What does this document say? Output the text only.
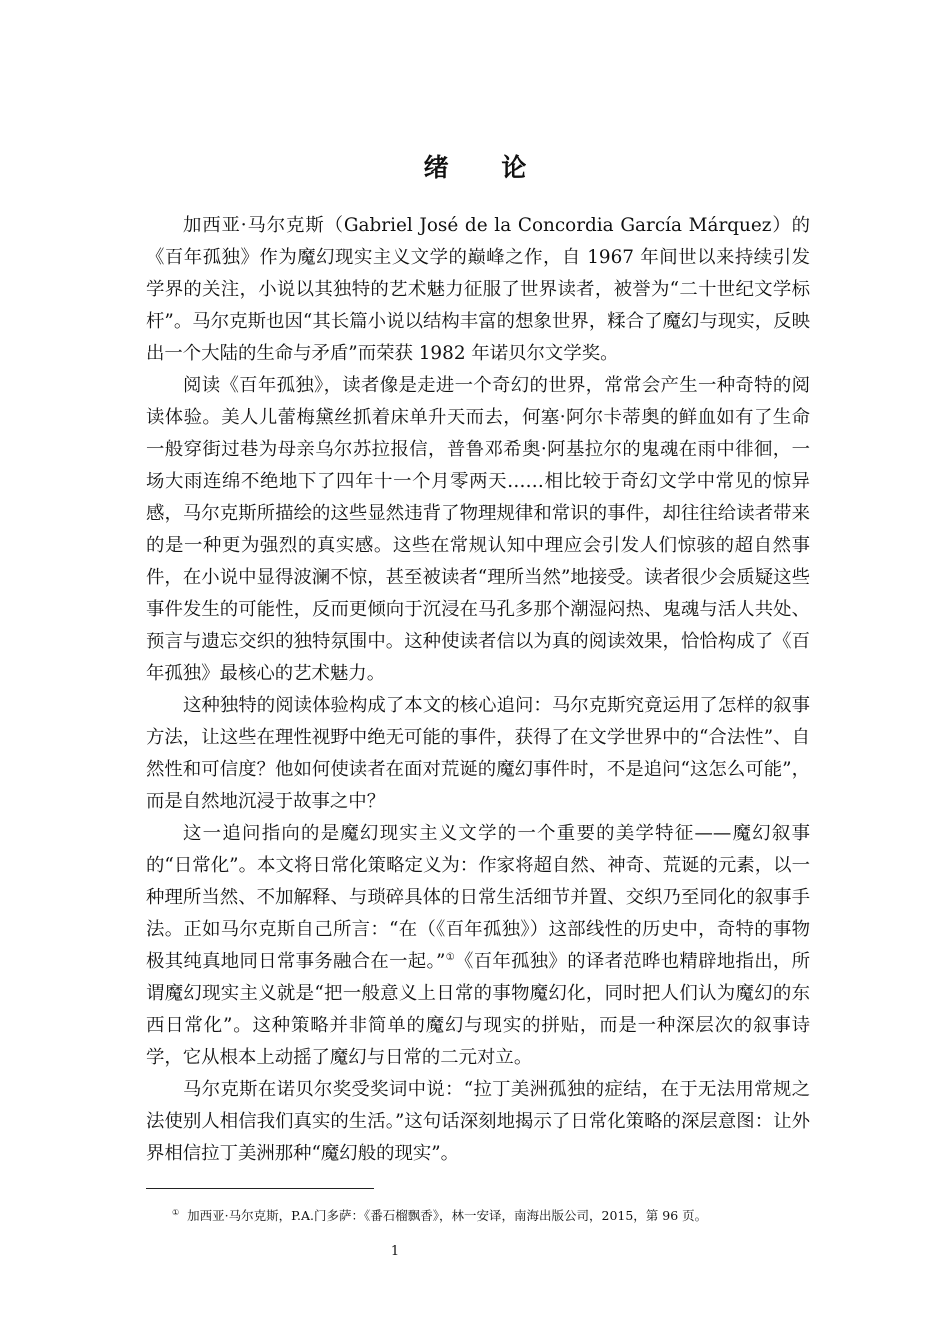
绪 论

加西亚·马尔克斯（Gabriel José de la Concordia García Márquez）的《百年孤独》作为魔幻现实主义文学的巅峰之作，自 1967 年间世以来持续引发学界的关注，小说以其独特的艺术魅力征服了世界读者，被誉为“二十世纪文学标杆”。马尔克斯也因“其长篇小说以结构丰富的想象世界，糅合了魔幻与现实，反映出一个大陆的生命与矛盾”而荣获 1982 年诺贝尔文学奖。

阅读《百年孤独》，读者像是走进一个奇幻的世界，常常会产生一种奇特的阅读体验。美人儿蕾梅黛丝抓着床单升天而去，何塞·阿尔卡蒂奥的鲜血如有了生命一般穿街过巷为母亲乌尔苏拉报信，普鲁邓希奥·阿基拉尔的鬼魂在雨中徘徊，一场大雨连绵不绝地下了四年十一个月零两天……相比较于奇幻文学中常见的惊异感，马尔克斯所描绘的这些显然违背了物理规律和常识的事件，却往往给读者带来的是一种更为强烈的真实感。这些在常规认知中理应会引发人们惊骇的超自然事件，在小说中显得波澜不惊，甚至被读者“理所当然”地接受。读者很少会质疑这些事件发生的可能性，反而更倾向于沉浸在马孔多那个潮湿闷热、鬼魂与活人共处、预言与遗忘交织的独特氛围中。这种使读者信以为真的阅读效果，恰恰构成了《百年孤独》最核心的艺术魅力。

这种独特的阅读体验构成了本文的核心追问：马尔克斯究竟运用了怎样的叙事方法，让这些在理性视野中绝无可能的事件，获得了在文学世界中的“合法性”、自然性和可信度？他如何使读者在面对荒诞的魔幻事件时，不是追问“这怎么可能”，而是自然地沉浸于故事之中？

这一追问指向的是魔幻现实主义文学的一个重要的美学特征——魔幻叙事的“日常化”。本文将日常化策略定义为：作家将超自然、神奇、荒诞的元素，以一种理所当然、不加解释、与琐碎具体的日常生活细节并置、交织乃至同化的叙事手法。正如马尔克斯自己所言：“在（《百年孤独》）这部线性的历史中，奇特的事物极其纯真地同日常事务融合在一起。”①《百年孤独》的译者范晔也精辟地指出，所谓魔幻现实主义就是“把一般意义上日常的事物魔幻化，同时把人们认为魔幻的东西日常化”。这种策略并非简单的魔幻与现实的拼贴，而是一种深层次的叙事诗学，它从根本上动摇了魔幻与日常的二元对立。

马尔克斯在诺贝尔奖受奖词中说：“拉丁美洲孤独的症结，在于无法用常规之法使别人相信我们真实的生活。”这句话深刻地揭示了日常化策略的深层意图：让外界相信拉丁美洲那种“魔幻般的现实”。

① 加西亚·马尔克斯，P.A.门多萨：《番石榴飘香》，林一安译，南海出版公司，2015，第 96 页。
1
